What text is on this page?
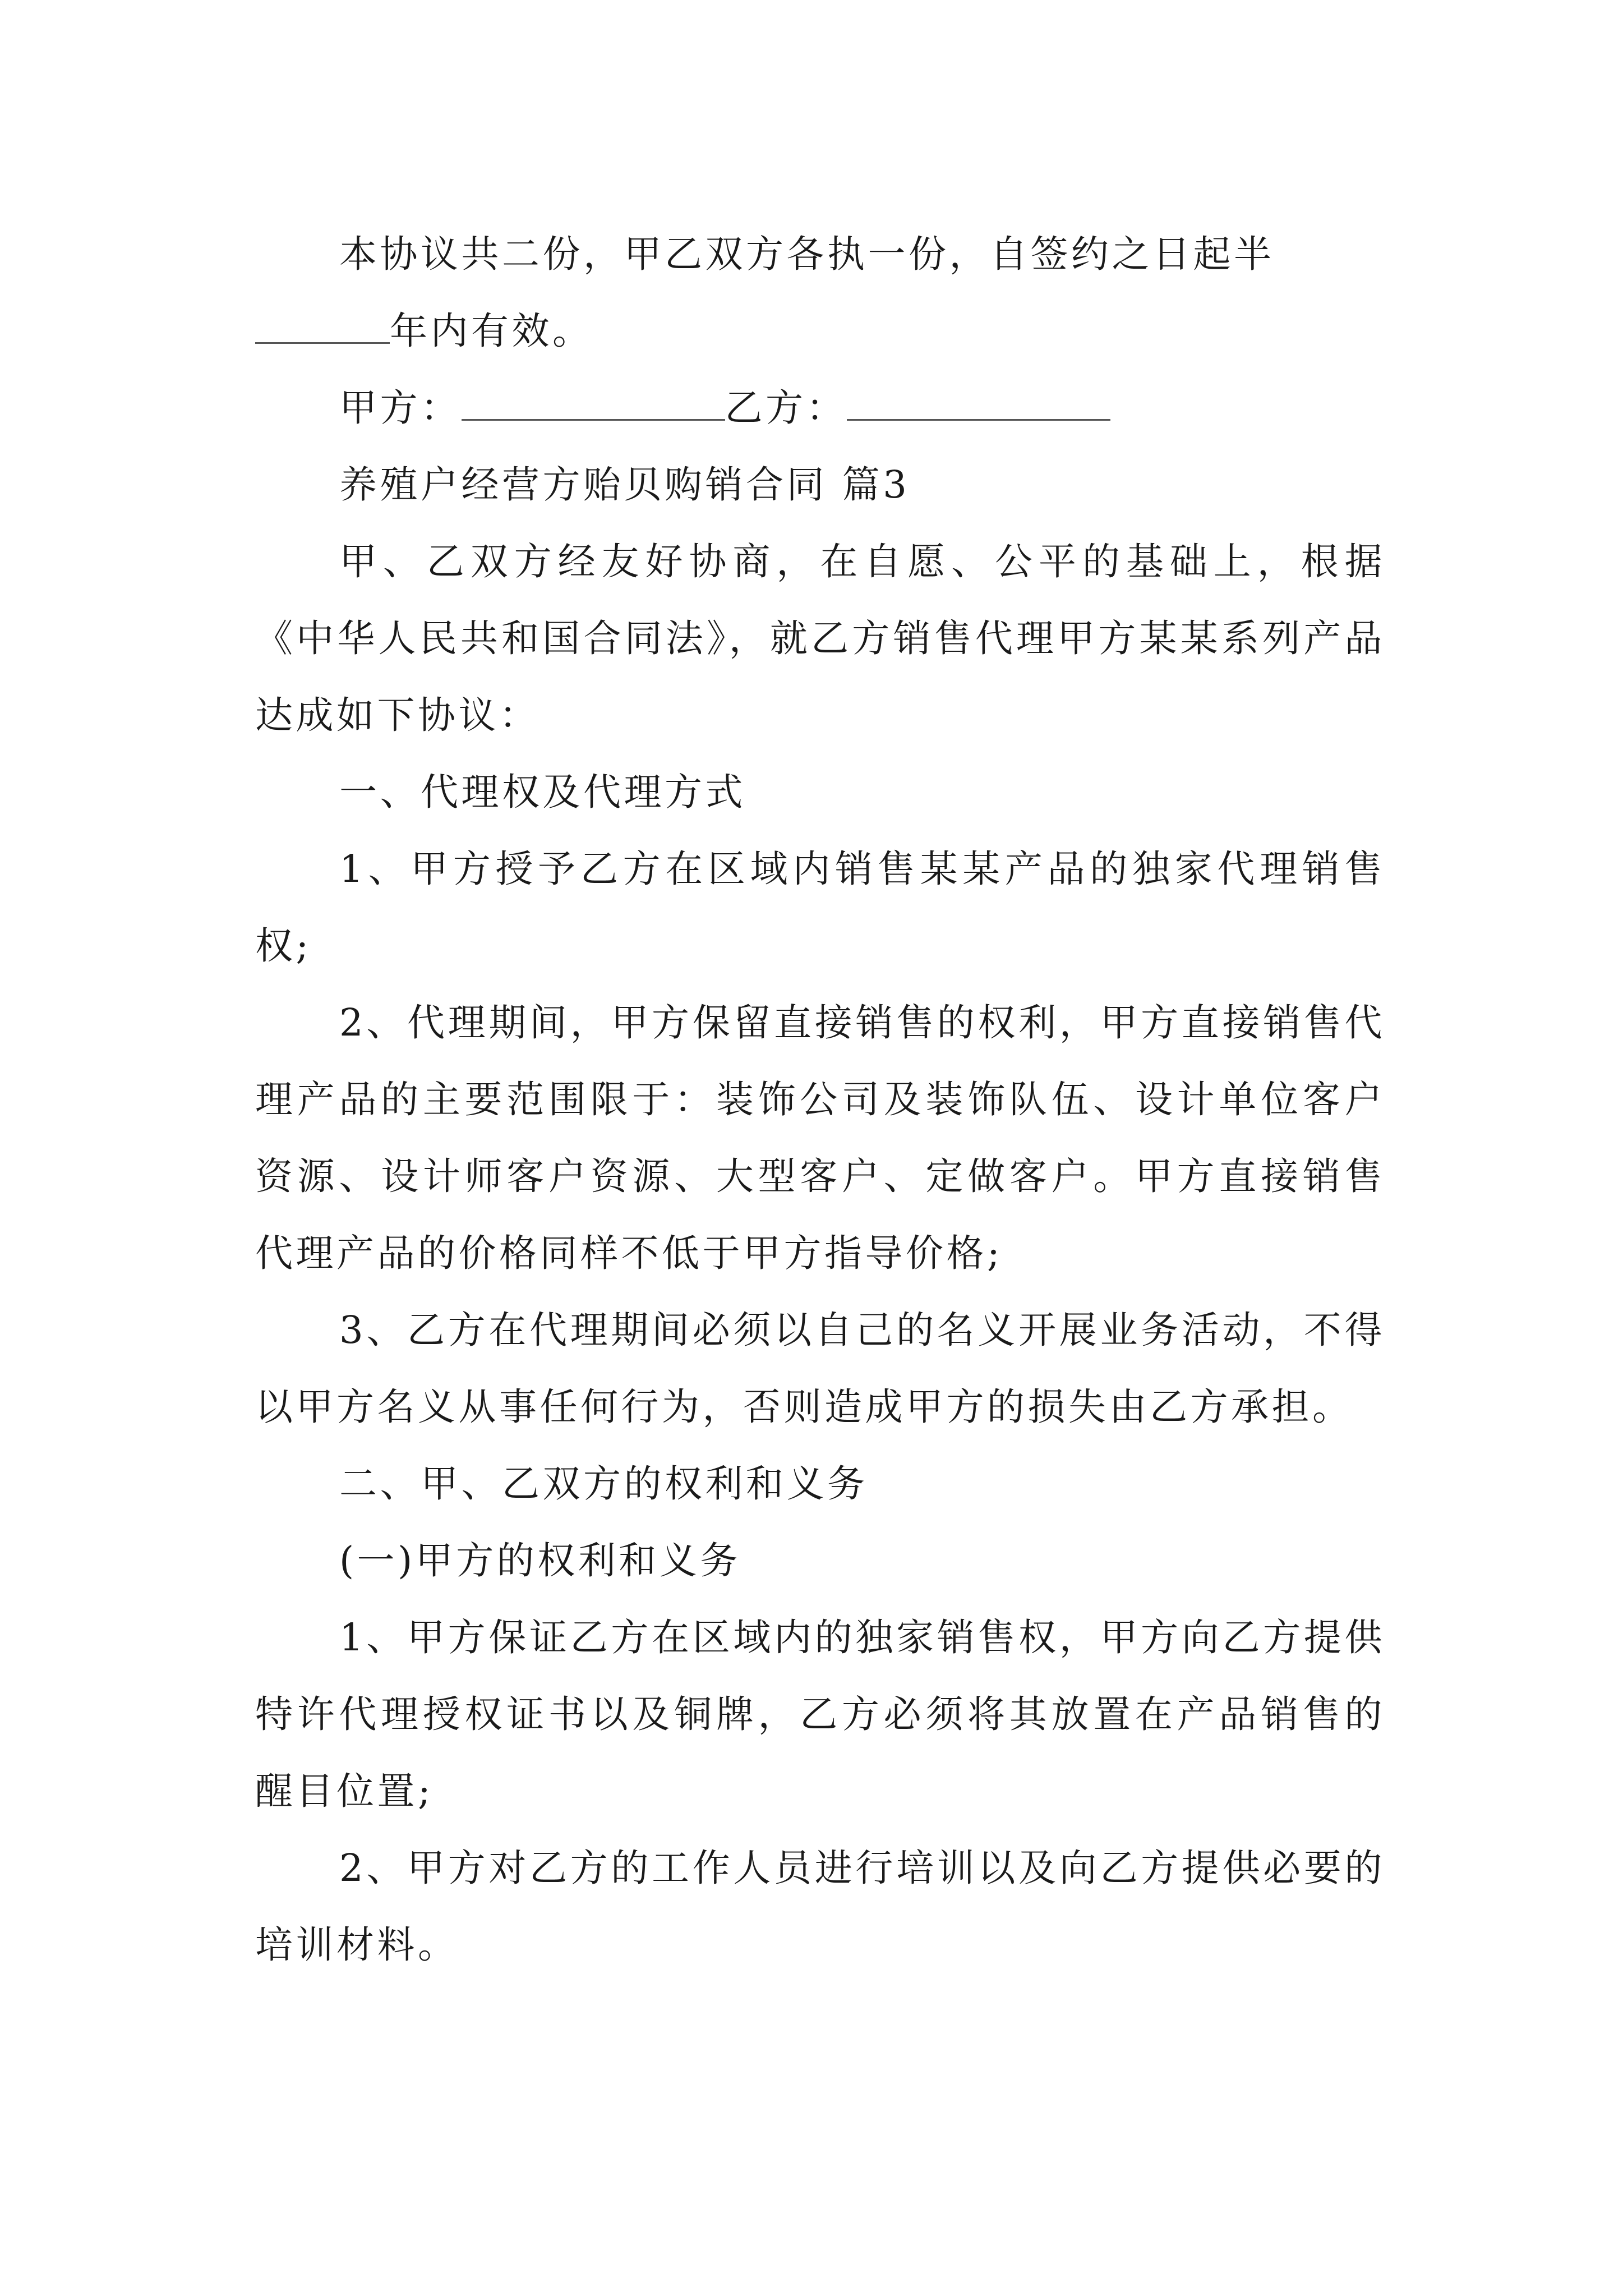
本协议共二份，甲乙双方各执一份，自签约之日起半

年内有效。

甲方：	乙方：

养殖户经营方贻贝购销合同 篇3

甲、乙双方经友好协商，在自愿、公平的基础上，根据《中华人民共和国合同法》，就乙方销售代理甲方某某系列产品达成如下协议：

一、代理权及代理方式

1、甲方授予乙方在区域内销售某某产品的独家代理销售权;

2、代理期间，甲方保留直接销售的权利，甲方直接销售代理产品的主要范围限于：装饰公司及装饰队伍、设计单位客户资源、设计师客户资源、大型客户、定做客户。甲方直接销售代理产品的价格同样不低于甲方指导价格;

3、乙方在代理期间必须以自己的名义开展业务活动，不得以甲方名义从事任何行为，否则造成甲方的损失由乙方承担。

二、甲、乙双方的权利和义务

(一)甲方的权利和义务

1、甲方保证乙方在区域内的独家销售权，甲方向乙方提供特许代理授权证书以及铜牌，乙方必须将其放置在产品销售的醒目位置;

2、甲方对乙方的工作人员进行培训以及向乙方提供必要的培训材料。
